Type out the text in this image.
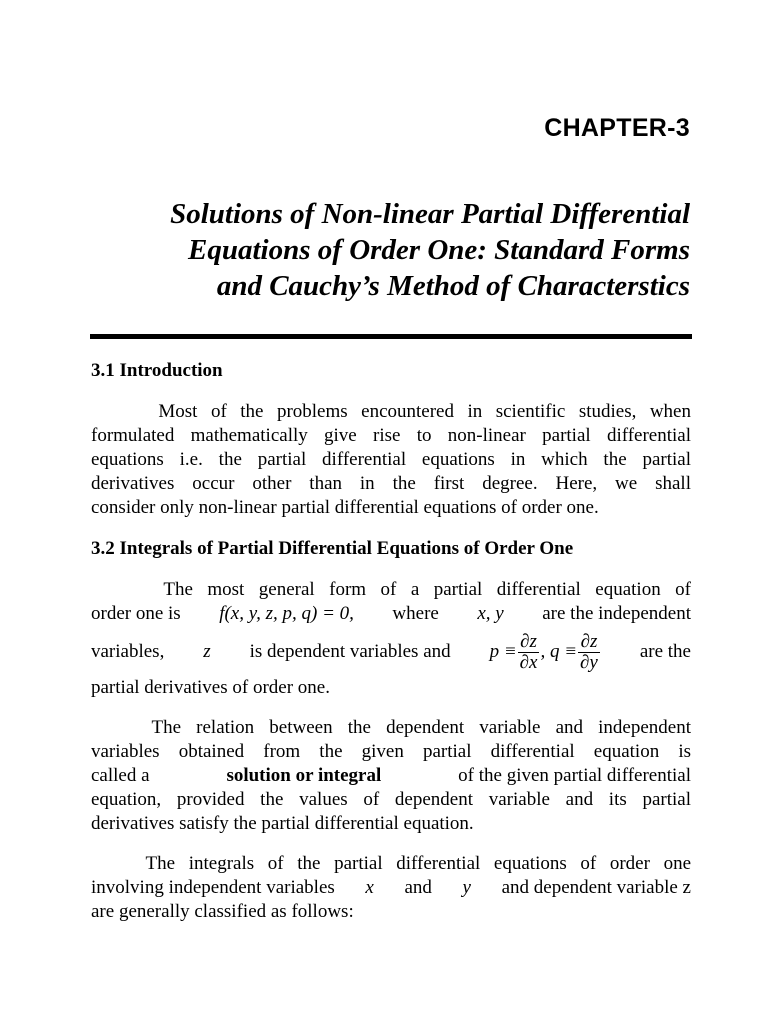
CHAPTER-3
Solutions of Non-linear Partial Differential
Equations of Order One: Standard Forms
and Cauchy’s Method of Characterstics
3.1 Introduction
Most of the problems encountered in scientific studies, when
formulated mathematically give rise to non-linear partial differential
equations i.e. the partial differential equations in which the partial
derivatives occur other than in the first degree. Here, we shall
consider only non-linear partial differential equations of order one.
3.2 Integrals of Partial Differential Equations of Order One
The most general form of a partial differential equation of
order one is f(x, y, z, p, q) = 0, where x, y are the independent
variables, z is dependent variables and $p \equiv \frac{\partial z}{\partial x}$ , $q \equiv \frac{\partial z}{\partial y}$ are the
partial derivatives of order one.
The relation between the dependent variable and independent
variables obtained from the given partial differential equation is
called a	solution or integral	of the given partial differential
equation, provided the values of dependent variable and its partial
derivatives satisfy the partial differential equation.
The integrals of the partial differential equations of order one
involving independent variables x and y and dependent variable z
are generally classified as follows:
